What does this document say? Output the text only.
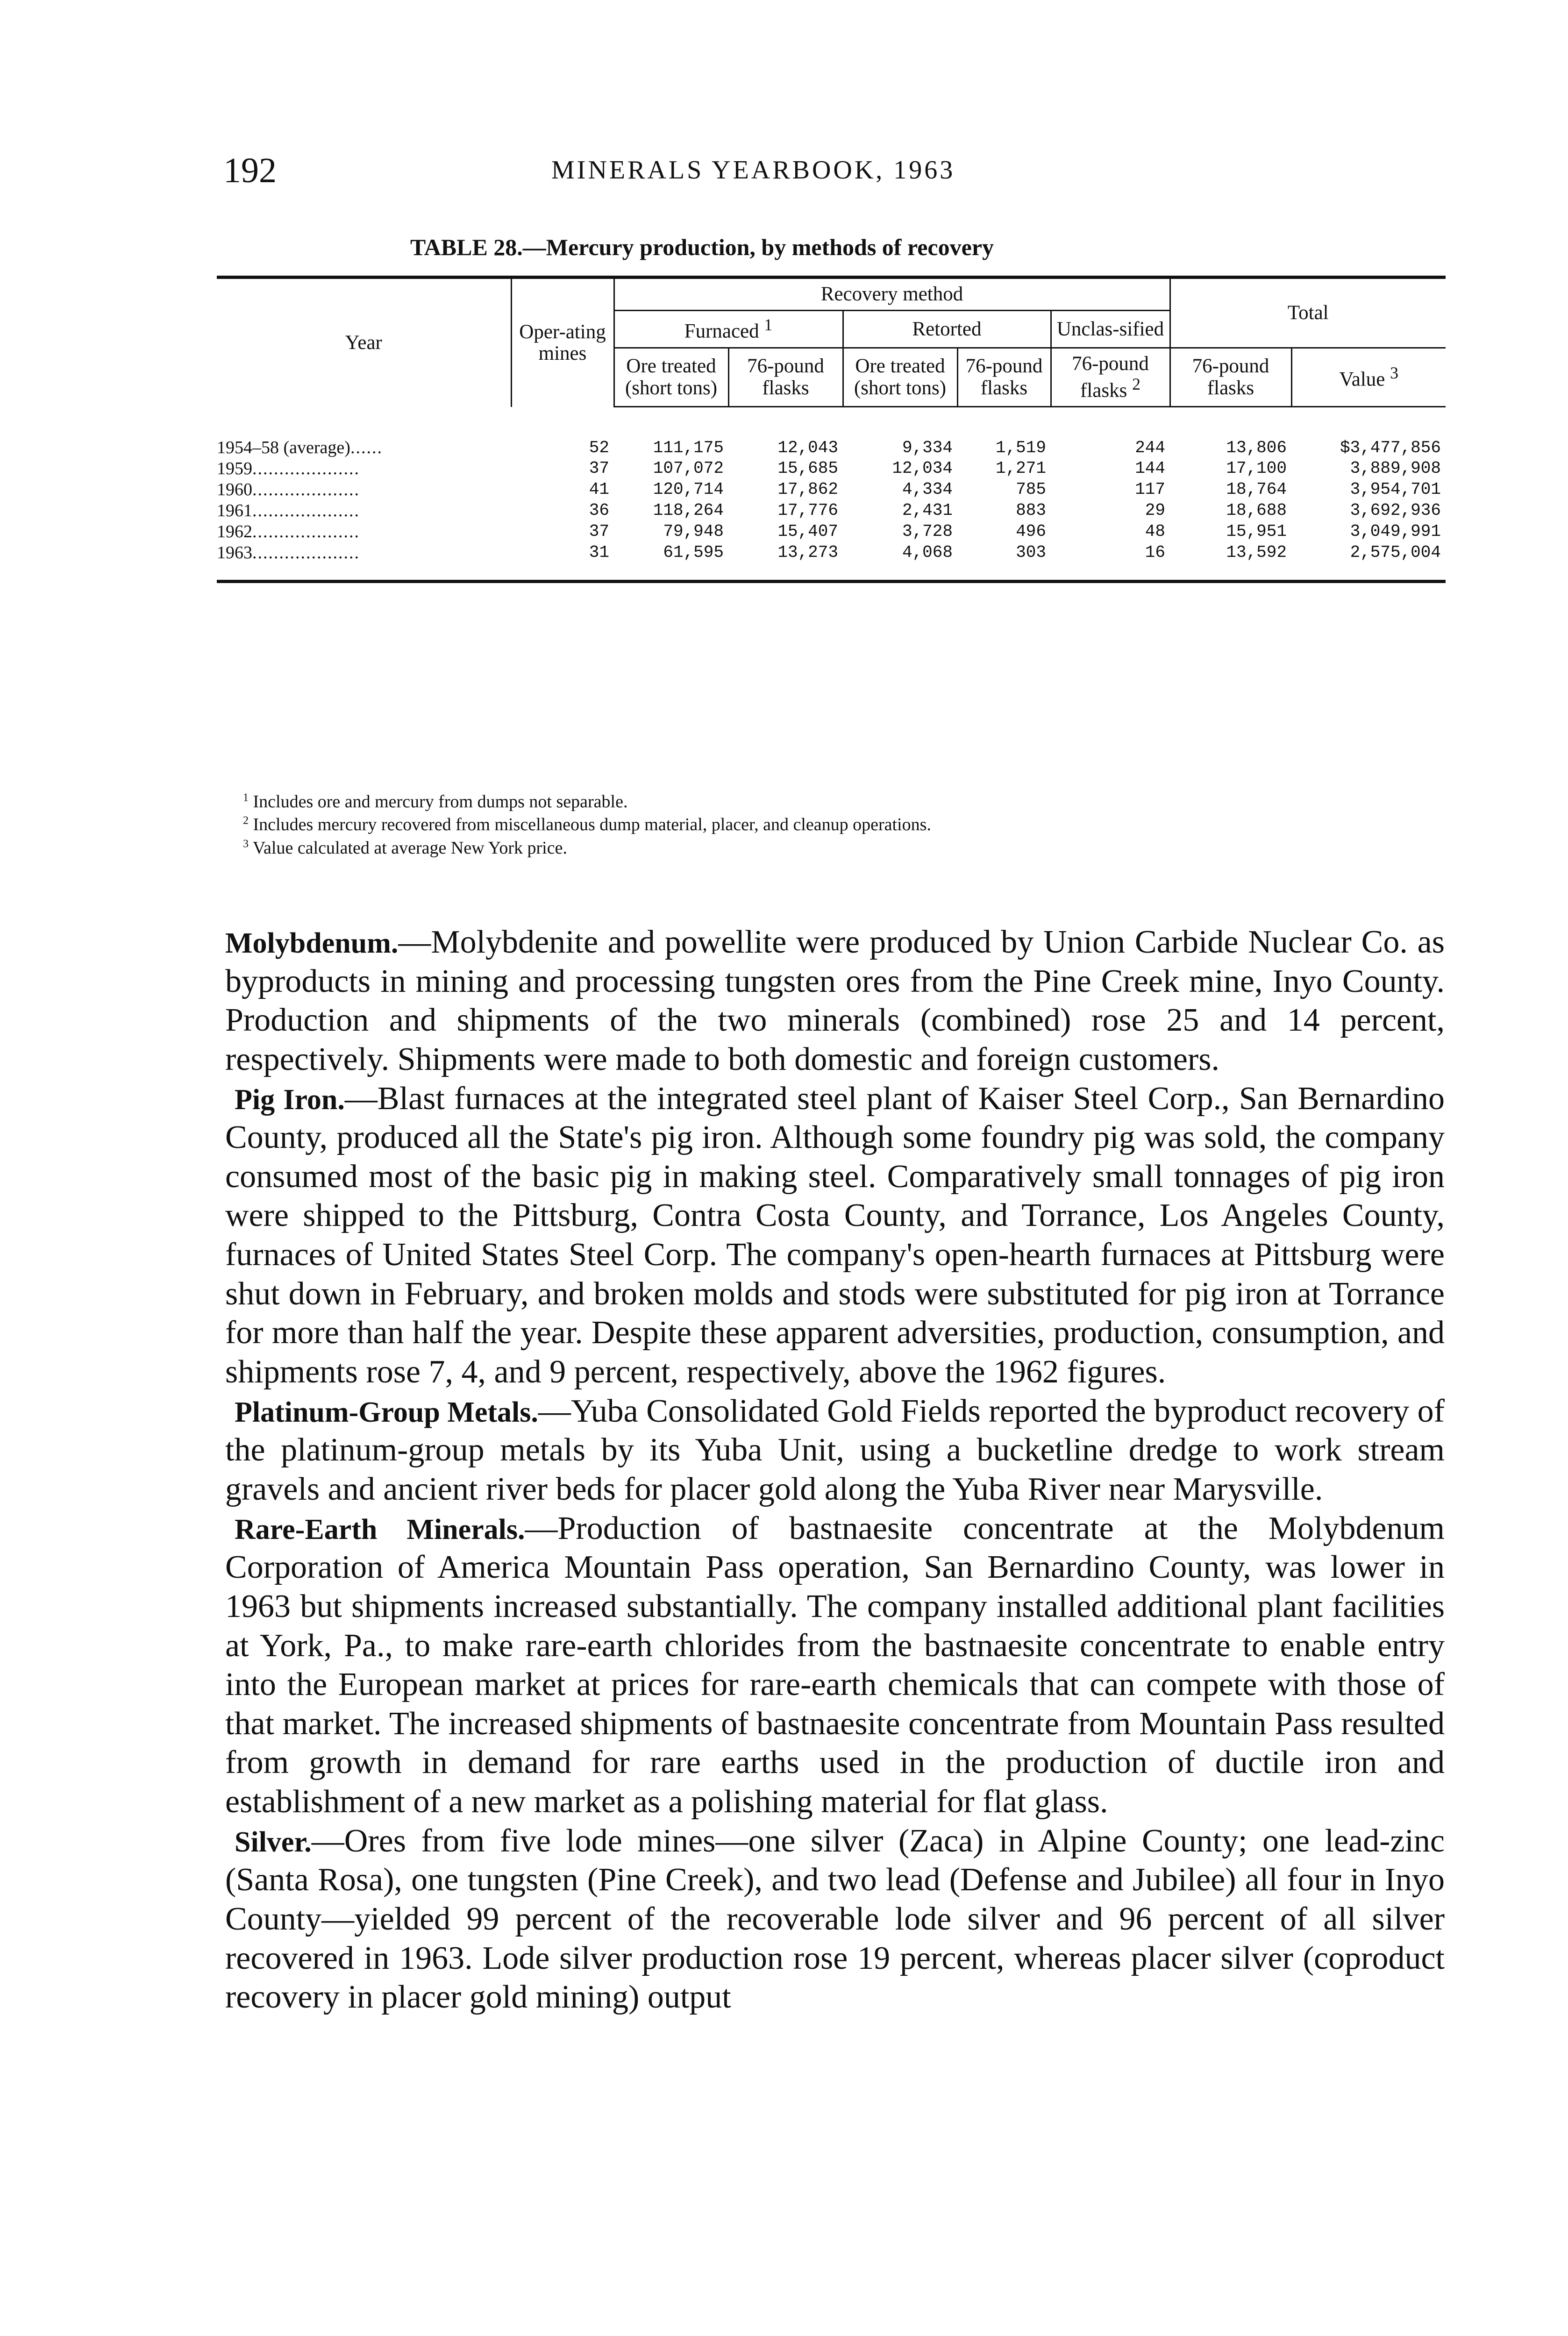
192	MINERALS YEARBOOK, 1963
TABLE 28.—Mercury production, by methods of recovery
Year	Oper-ating mines	Recovery method					Total	
		Furnaced $^1$		Retorted		Unclas-sified		
		Ore treated (short tons)	76-pound flasks	Ore treated (short tons)	76-pound flasks	76-pound flasks $^2$	76-pound flasks	Value $^3$

1954–58 (average)......	52	111,175	12,043	9,334	1,519	244	13,806	$3,477,856
1959....................	37	107,072	15,685	12,034	1,271	144	17,100	3,889,908
1960....................	41	120,714	17,862	4,334	785	117	18,764	3,954,701
1961....................	36	118,264	17,776	2,431	883	29	18,688	3,692,936
1962....................	37	79,948	15,407	3,728	496	48	15,951	3,049,991
1963....................	31	61,595	13,273	4,068	303	16	13,592	2,575,004
$^1$ Includes ore and mercury from dumps not separable.
$^2$ Includes mercury recovered from miscellaneous dump material, placer, and cleanup operations.
$^3$ Value calculated at average New York price.

Molybdenum.—Molybdenite and powellite were produced by Union Carbide Nuclear Co. as byproducts in mining and processing tungsten ores from the Pine Creek mine, Inyo County. Production and shipments of the two minerals (combined) rose 25 and 14 percent, respectively. Shipments were made to both domestic and foreign customers.

Pig Iron.—Blast furnaces at the integrated steel plant of Kaiser Steel Corp., San Bernardino County, produced all the State's pig iron. Although some foundry pig was sold, the company consumed most of the basic pig in making steel. Comparatively small tonnages of pig iron were shipped to the Pittsburg, Contra Costa County, and Torrance, Los Angeles County, furnaces of United States Steel Corp. The company's open-hearth furnaces at Pittsburg were shut down in February, and broken molds and stods were substituted for pig iron at Torrance for more than half the year. Despite these apparent adversities, production, consumption, and shipments rose 7, 4, and 9 percent, respectively, above the 1962 figures.

Platinum-Group Metals.—Yuba Consolidated Gold Fields reported the byproduct recovery of the platinum-group metals by its Yuba Unit, using a bucketline dredge to work stream gravels and ancient river beds for placer gold along the Yuba River near Marysville.

Rare-Earth Minerals.—Production of bastnaesite concentrate at the Molybdenum Corporation of America Mountain Pass operation, San Bernardino County, was lower in 1963 but shipments increased substantially. The company installed additional plant facilities at York, Pa., to make rare-earth chlorides from the bastnaesite concentrate to enable entry into the European market at prices for rare-earth chemicals that can compete with those of that market. The increased shipments of bastnaesite concentrate from Mountain Pass resulted from growth in demand for rare earths used in the production of ductile iron and establishment of a new market as a polishing material for flat glass.

Silver.—Ores from five lode mines—one silver (Zaca) in Alpine County; one lead-zinc (Santa Rosa), one tungsten (Pine Creek), and two lead (Defense and Jubilee) all four in Inyo County—yielded 99 percent of the recoverable lode silver and 96 percent of all silver recovered in 1963. Lode silver production rose 19 percent, whereas placer silver (coproduct recovery in placer gold mining) output
